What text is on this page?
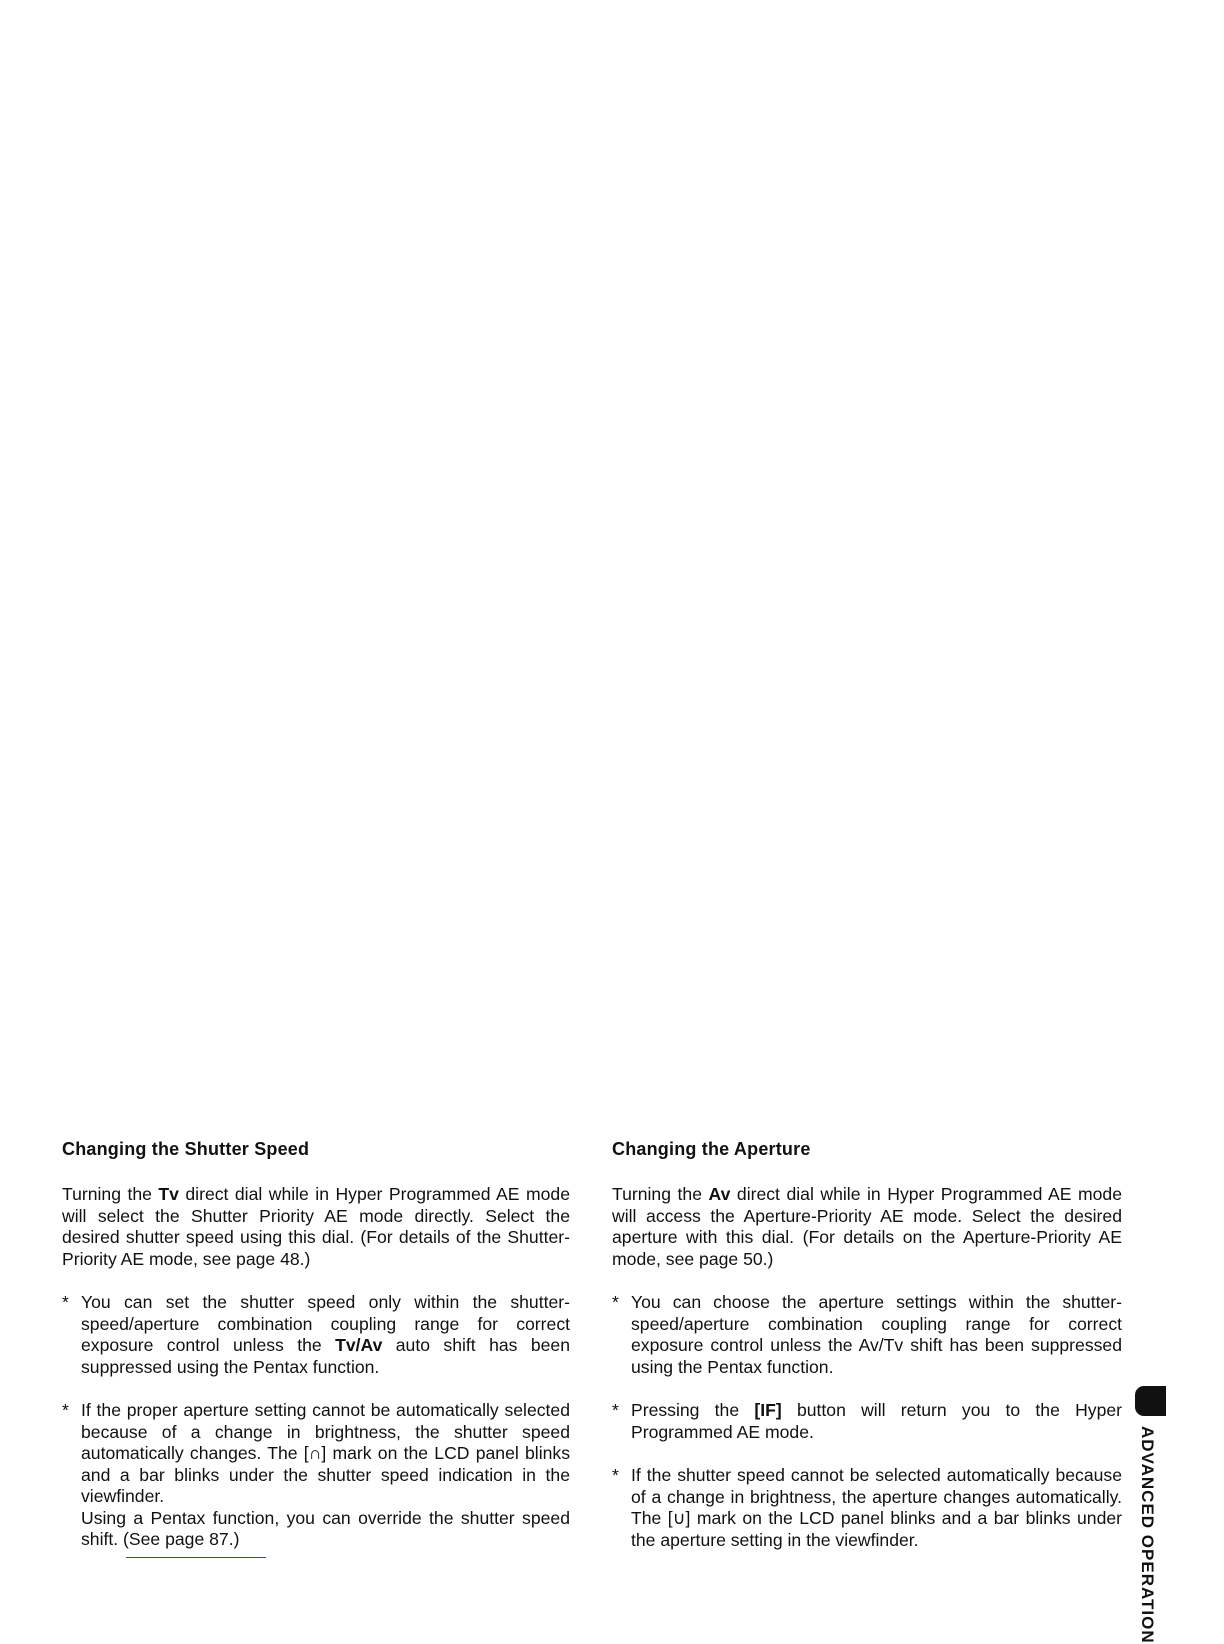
Changing the Shutter Speed

Turning the Tv direct dial while in Hyper Programmed AE mode will select the Shutter Priority AE mode directly. Select the desired shutter speed using this dial. (For details of the Shutter-Priority AE mode, see page 48.)

* You can set the shutter speed only within the shutter-speed/aperture combination coupling range for correct exposure control unless the Tv/Av auto shift has been suppressed using the Pentax function.

* If the proper aperture setting cannot be automatically selected because of a change in brightness, the shutter speed automatically changes. The [∩] mark on the LCD panel blinks and a bar blinks under the shutter speed indication in the viewfinder.

Using a Pentax function, you can override the shutter speed shift. (See page 87.)

Changing the Aperture

Turning the Av direct dial while in Hyper Programmed AE mode will access the Aperture-Priority AE mode. Select the desired aperture with this dial. (For details on the Aperture-Priority AE mode, see page 50.)

* You can choose the aperture settings within the shutter-speed/aperture combination coupling range for correct exposure control unless the Av/Tv shift has been suppressed using the Pentax function.

* Pressing the [IF] button will return you to the Hyper Programmed AE mode.

* If the shutter speed cannot be selected automatically because of a change in brightness, the aperture changes automatically. The [∪] mark on the LCD panel blinks and a bar blinks under the aperture setting in the viewfinder.	ADVANCED OPERATION
